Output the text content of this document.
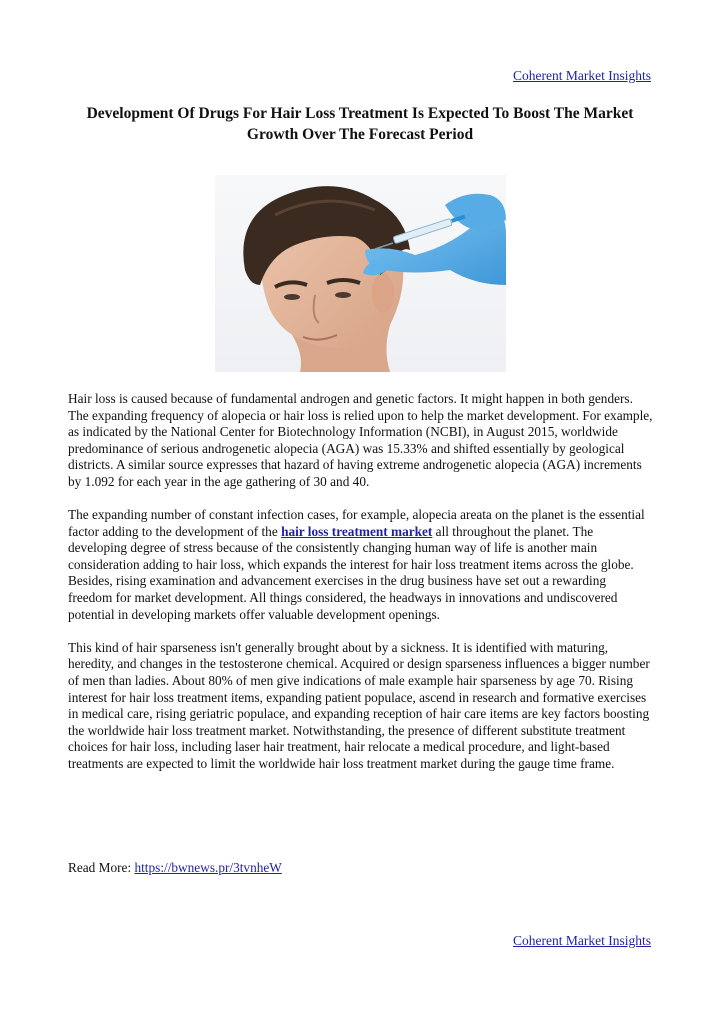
Coherent Market Insights
Development Of Drugs For Hair Loss Treatment Is Expected To Boost The Market Growth Over The Forecast Period

Hair loss is caused because of fundamental androgen and genetic factors. It might happen in both genders. The expanding frequency of alopecia or hair loss is relied upon to help the market development. For example, as indicated by the National Center for Biotechnology Information (NCBI), in August 2015, worldwide predominance of serious androgenetic alopecia (AGA) was 15.33% and shifted essentially by geological districts. A similar source expresses that hazard of having extreme androgenetic alopecia (AGA) increments by 1.092 for each year in the age gathering of 30 and 40.

The expanding number of constant infection cases, for example, alopecia areata on the planet is the essential factor adding to the development of the hair loss treatment market all throughout the planet. The developing degree of stress because of the consistently changing human way of life is another main consideration adding to hair loss, which expands the interest for hair loss treatment items across the globe. Besides, rising examination and advancement exercises in the drug business have set out a rewarding freedom for market development. All things considered, the headways in innovations and undiscovered potential in developing markets offer valuable development openings.

This kind of hair sparseness isn't generally brought about by a sickness. It is identified with maturing, heredity, and changes in the testosterone chemical. Acquired or design sparseness influences a bigger number of men than ladies. About 80% of men give indications of male example hair sparseness by age 70. Rising interest for hair loss treatment items, expanding patient populace, ascend in research and formative exercises in medical care, rising geriatric populace, and expanding reception of hair care items are key factors boosting the worldwide hair loss treatment market. Notwithstanding, the presence of different substitute treatment choices for hair loss, including laser hair treatment, hair relocate a medical procedure, and light-based treatments are expected to limit the worldwide hair loss treatment market during the gauge time frame.

Read More: https://bwnews.pr/3tvnheW
Coherent Market Insights
